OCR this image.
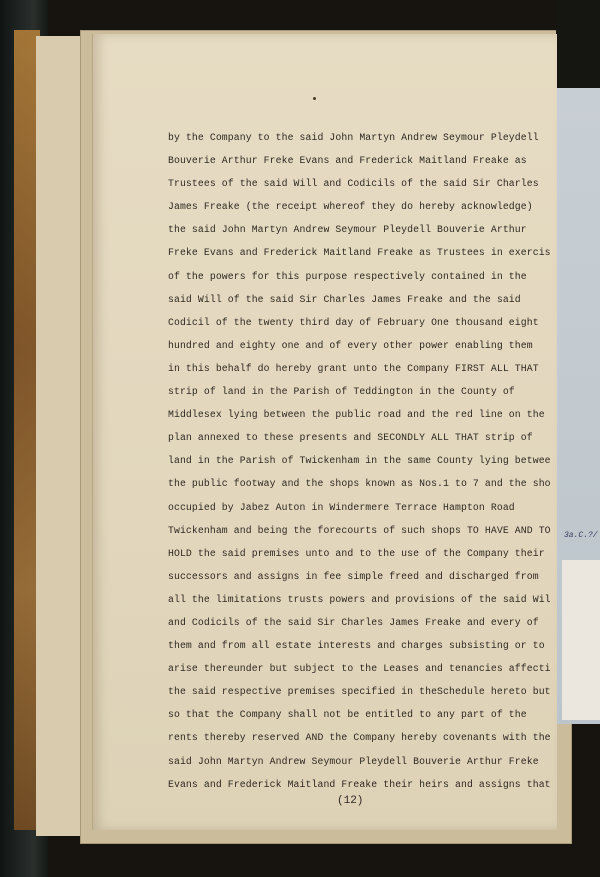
3a.C.?/
by the Company to the said John Martyn Andrew Seymour Pleydell
Bouverie Arthur Freke Evans and Frederick Maitland Freake as
Trustees of the said Will and Codicils of the said Sir Charles
James Freake (the receipt whereof they do hereby acknowledge)
the said John Martyn Andrew Seymour Pleydell Bouverie Arthur
Freke Evans and Frederick Maitland Freake as Trustees in exercis
of the powers for this purpose respectively contained in the
said Will of the said Sir Charles James Freake and the said
Codicil of the twenty third day of February One thousand eight
hundred and eighty one and of every other power enabling them
in this behalf do hereby grant unto the Company FIRST ALL THAT
strip of land in the Parish of Teddington in the County of
Middlesex lying between the public road and the red line on the
plan annexed to these presents and SECONDLY ALL THAT strip of
land in the Parish of Twickenham in the same County lying betwee
the public footway and the shops known as Nos.1 to 7 and the sho
occupied by Jabez Auton in Windermere Terrace Hampton Road
Twickenham and being the forecourts of such shops TO HAVE AND TO
HOLD the said premises unto and to the use of the Company their
successors and assigns in fee simple freed and discharged from
all the limitations trusts powers and provisions of the said Wil
and Codicils of the said Sir Charles James Freake and every of
them and from all estate interests and charges subsisting or to
arise thereunder but subject to the Leases and tenancies affecti
the said respective premises specified in theSchedule hereto but
so that the Company shall not be entitled to any part of the
rents thereby reserved AND the Company hereby covenants with the
said John Martyn Andrew Seymour Pleydell Bouverie Arthur Freke
Evans and Frederick Maitland Freake their heirs and assigns that
(12)
